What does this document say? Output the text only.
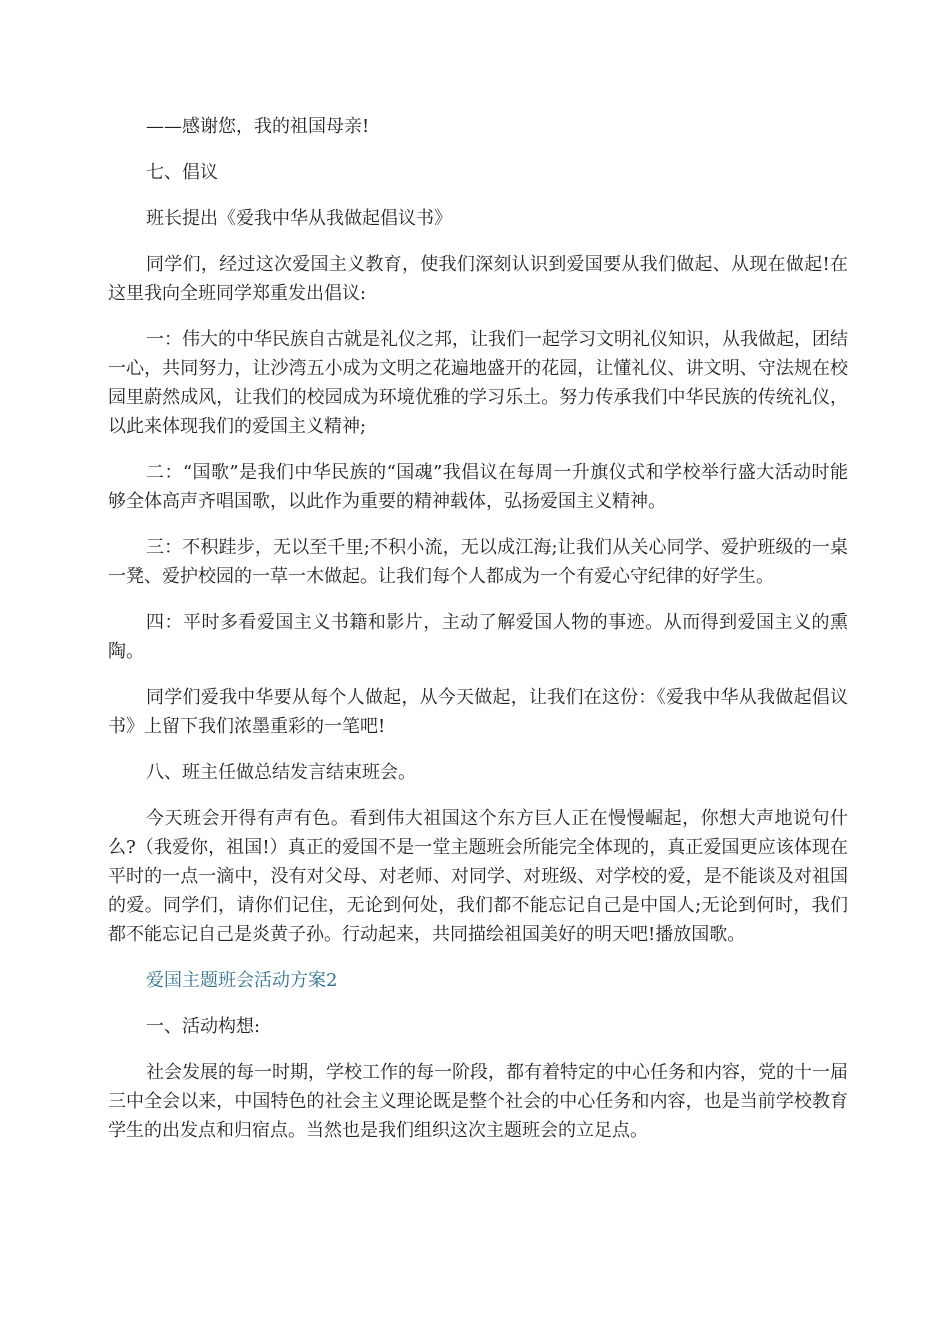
——感谢您，我的祖国母亲!

七、倡议

班长提出《爱我中华从我做起倡议书》

同学们，经过这次爱国主义教育，使我们深刻认识到爱国要从我们做起、从现在做起!在这里我向全班同学郑重发出倡议:

一：伟大的中华民族自古就是礼仪之邦，让我们一起学习文明礼仪知识，从我做起，团结一心，共同努力，让沙湾五小成为文明之花遍地盛开的花园，让懂礼仪、讲文明、守法规在校园里蔚然成风，让我们的校园成为环境优雅的学习乐土。努力传承我们中华民族的传统礼仪，以此来体现我们的爱国主义精神;

二：“国歌”是我们中华民族的“国魂”我倡议在每周一升旗仪式和学校举行盛大活动时能够全体高声齐唱国歌，以此作为重要的精神载体，弘扬爱国主义精神。

三：不积跬步，无以至千里;不积小流，无以成江海;让我们从关心同学、爱护班级的一桌一凳、爱护校园的一草一木做起。让我们每个人都成为一个有爱心守纪律的好学生。

四：平时多看爱国主义书籍和影片，主动了解爱国人物的事迹。从而得到爱国主义的熏陶。

同学们爱我中华要从每个人做起，从今天做起，让我们在这份：《爱我中华从我做起倡议书》上留下我们浓墨重彩的一笔吧!

八、班主任做总结发言结束班会。

今天班会开得有声有色。看到伟大祖国这个东方巨人正在慢慢崛起，你想大声地说句什么?（我爱你，祖国!）真正的爱国不是一堂主题班会所能完全体现的，真正爱国更应该体现在平时的一点一滴中，没有对父母、对老师、对同学、对班级、对学校的爱，是不能谈及对祖国的爱。同学们，请你们记住，无论到何处，我们都不能忘记自己是中国人;无论到何时，我们都不能忘记自己是炎黄子孙。行动起来，共同描绘祖国美好的明天吧!播放国歌。

爱国主题班会活动方案2

一、活动构想:

社会发展的每一时期，学校工作的每一阶段，都有着特定的中心任务和内容，党的十一届三中全会以来，中国特色的社会主义理论既是整个社会的中心任务和内容，也是当前学校教育学生的出发点和归宿点。当然也是我们组织这次主题班会的立足点。
